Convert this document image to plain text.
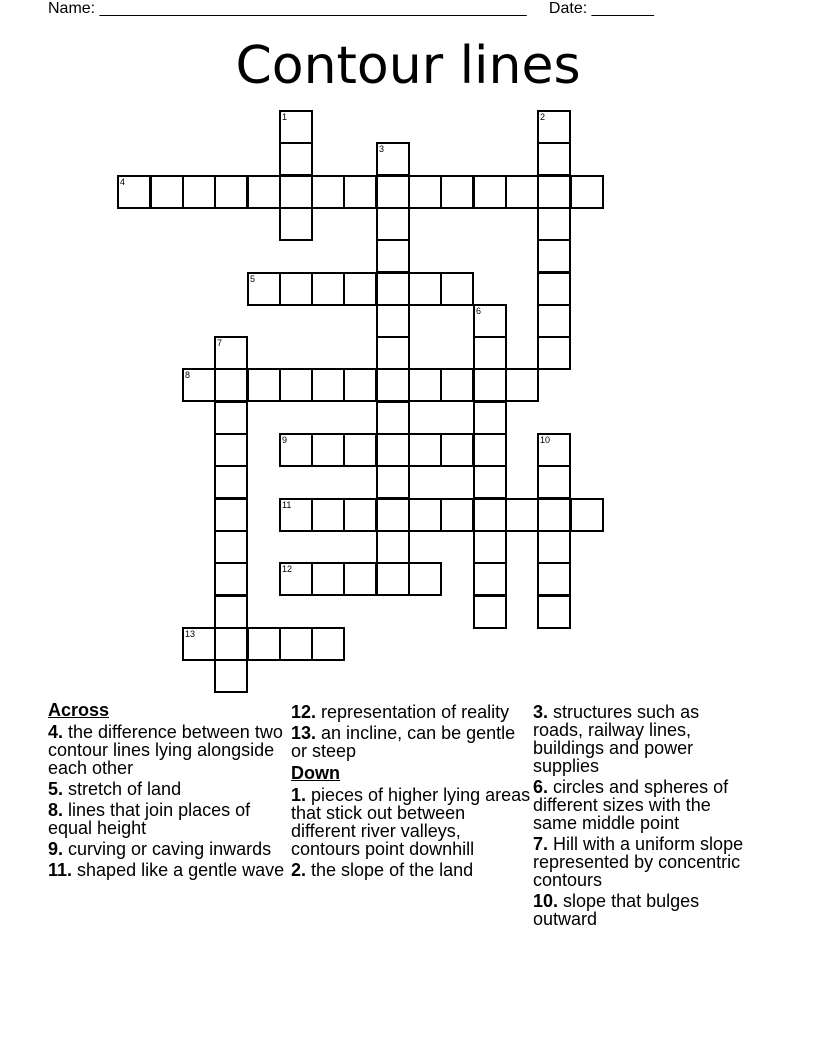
Name: ________________________________________________     Date: _______
Contour lines
1	2
3
4
5
6
7
8
9	10
11
12
13
Across
4. the difference between two contour lines lying alongside each other
5. stretch of land
8. lines that join places of equal height
9. curving or caving inwards
11. shaped like a gentle wave
12. representation of reality
13. an incline, can be gentle or steep
Down
1. pieces of higher lying areas that stick out between different river valleys, contours point downhill
2. the slope of the land
3. structures such as roads, railway lines, buildings and power supplies
6. circles and spheres of different sizes with the same middle point
7. Hill with a uniform slope represented by concentric contours
10. slope that bulges outward
